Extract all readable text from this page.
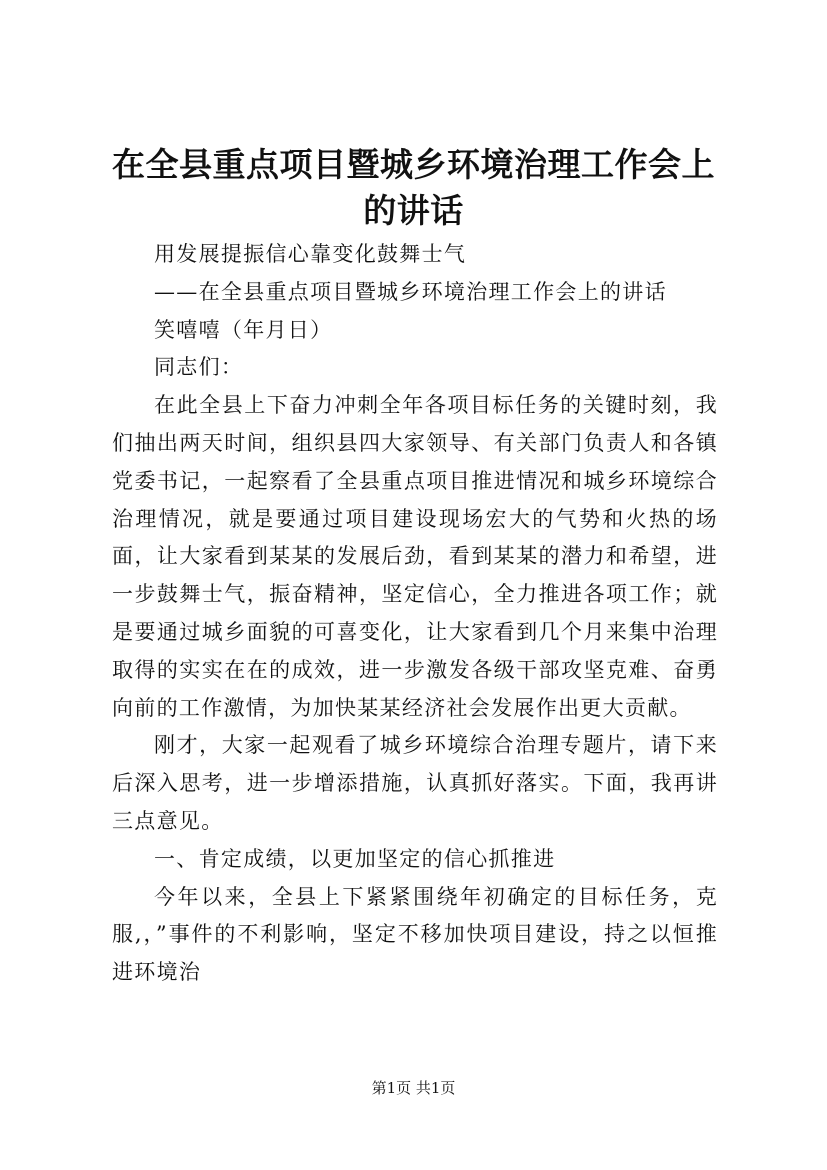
在全县重点项目暨城乡环境治理工作会上的讲话

用发展提振信心靠变化鼓舞士气

——在全县重点项目暨城乡环境治理工作会上的讲话

笑嘻嘻（年月日）

同志们：

在此全县上下奋力冲刺全年各项目标任务的关键时刻，我们抽出两天时间，组织县四大家领导、有关部门负责人和各镇党委书记，一起察看了全县重点项目推进情况和城乡环境综合治理情况，就是要通过项目建设现场宏大的气势和火热的场面，让大家看到某某的发展后劲，看到某某的潜力和希望，进一步鼓舞士气，振奋精神，坚定信心，全力推进各项工作；就是要通过城乡面貌的可喜变化，让大家看到几个月来集中治理取得的实实在在的成效，进一步激发各级干部攻坚克难、奋勇向前的工作激情，为加快某某经济社会发展作出更大贡献。

刚才，大家一起观看了城乡环境综合治理专题片，请下来后深入思考，进一步增添措施，认真抓好落实。下面，我再讲三点意见。

一、肯定成绩，以更加坚定的信心抓推进

今年以来，全县上下紧紧围绕年初确定的目标任务，克服,，”事件的不利影响，坚定不移加快项目建设，持之以恒推进环境治

第1页 共1页
